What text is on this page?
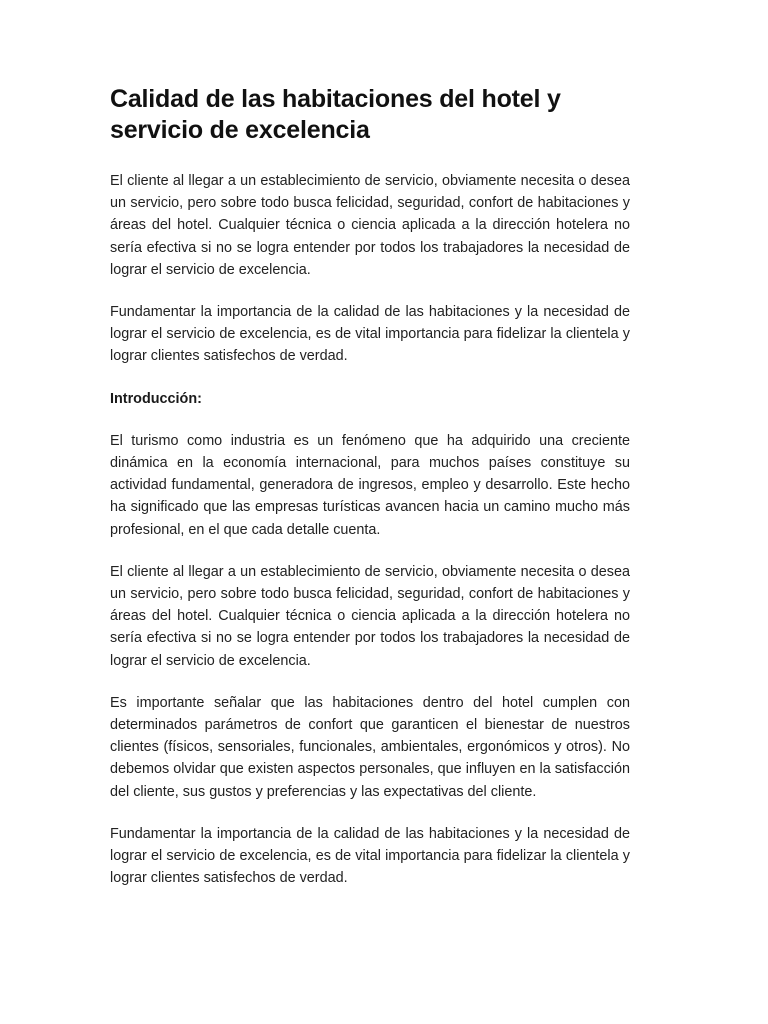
Calidad de las habitaciones del hotel y servicio de excelencia

El cliente al llegar a un establecimiento de servicio, obviamente necesita o desea un servicio, pero sobre todo busca felicidad, seguridad, confort de habitaciones y áreas del hotel. Cualquier técnica o ciencia aplicada a la dirección hotelera no sería efectiva si no se logra entender por todos los trabajadores la necesidad de lograr el servicio de excelencia.

Fundamentar la importancia de la calidad de las habitaciones y la necesidad de lograr el servicio de excelencia, es de vital importancia para fidelizar la clientela y lograr clientes satisfechos de verdad.

Introducción:

El turismo como industria es un fenómeno que ha adquirido una creciente dinámica en la economía internacional, para muchos países constituye su actividad fundamental, generadora de ingresos, empleo y desarrollo. Este hecho ha significado que las empresas turísticas avancen hacia un camino mucho más profesional, en el que cada detalle cuenta.

El cliente al llegar a un establecimiento de servicio, obviamente necesita o desea un servicio, pero sobre todo busca felicidad, seguridad, confort de habitaciones y áreas del hotel. Cualquier técnica o ciencia aplicada a la dirección hotelera no sería efectiva si no se logra entender por todos los trabajadores la necesidad de lograr el servicio de excelencia.

Es importante señalar que las habitaciones dentro del hotel cumplen con determinados parámetros de confort que garanticen el bienestar de nuestros clientes (físicos, sensoriales, funcionales, ambientales, ergonómicos y otros). No debemos olvidar que existen aspectos personales, que influyen en la satisfacción del cliente, sus gustos y preferencias y las expectativas del cliente.

Fundamentar la importancia de la calidad de las habitaciones y la necesidad de lograr el servicio de excelencia, es de vital importancia para fidelizar la clientela y lograr clientes satisfechos de verdad.
